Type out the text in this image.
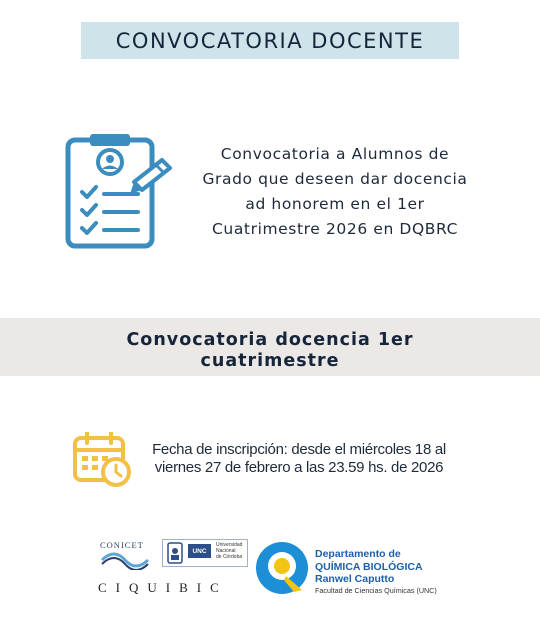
CONVOCATORIA DOCENTE
Convocatoria a Alumnos de Grado que deseen dar docencia ad honorem en el 1er Cuatrimestre 2026 en DQBRC
Convocatoria docencia 1er cuatrimestre
Fecha de inscripción: desde el miércoles 18 al viernes 27 de febrero a las 23.59 hs. de 2026
CONICET
CIQUIBIC
UNC
Universidad
Nacional
de Córdoba	Departamento de
QUÍMICA BIOLÓGICA
Ranwel Caputto
Facultad de Ciencias Químicas (UNC)
